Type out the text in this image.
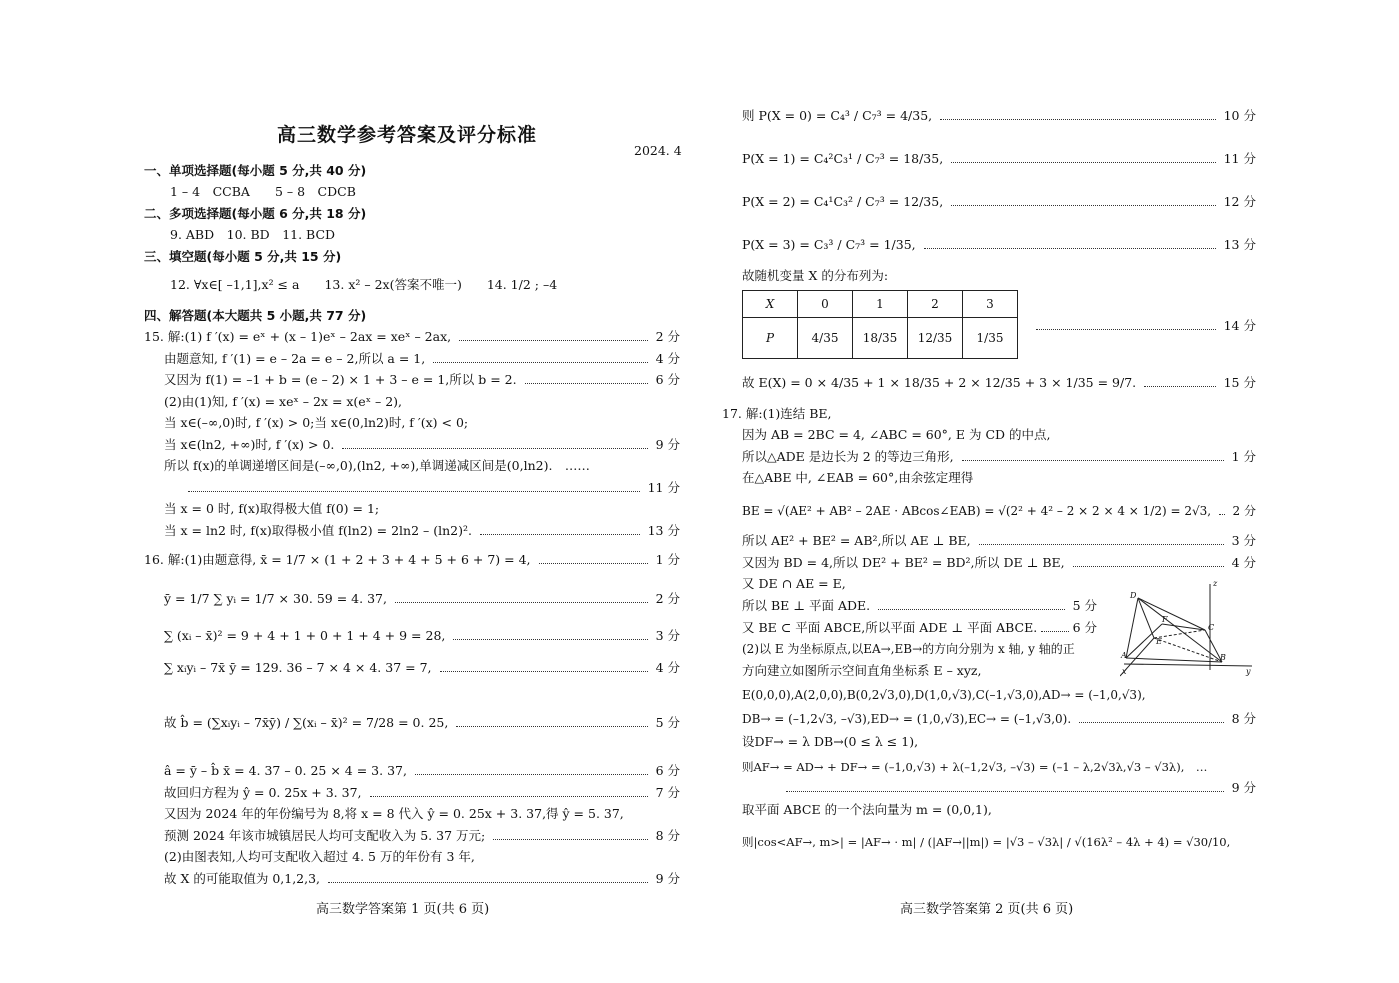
高三数学参考答案及评分标准
2024. 4
一、单项选择题(每小题 5 分,共 40 分)
1 – 4　CCBA　　5 – 8　CDCB
二、多项选择题(每小题 6 分,共 18 分)
9. ABD　10. BD　11. BCD
三、填空题(每小题 5 分,共 15 分)
12. ∀x∈[ –1,1],x² ≤ a　　13. x² – 2x(答案不唯一)　　14. 1/2 ; –4
四、解答题(本大题共 5 小题,共 77 分)
15. 解:(1) f ′(x) = eˣ + (x – 1)eˣ – 2ax = xeˣ – 2ax,	2 分
由题意知, f ′(1) = e – 2a = e – 2,所以 a = 1,	4 分
又因为 f(1) = –1 + b = (e – 2) × 1 + 3 – e = 1,所以 b = 2.	6 分
(2)由(1)知, f ′(x) = xeˣ – 2x = x(eˣ – 2),
当 x∈(–∞,0)时, f ′(x) > 0;当 x∈(0,ln2)时, f ′(x) < 0;
当 x∈(ln2, +∞)时, f ′(x) > 0.	9 分
所以 f(x)的单调递增区间是(–∞,0),(ln2, +∞),单调递减区间是(0,ln2).　……
11 分
当 x = 0 时, f(x)取得极大值 f(0) = 1;
当 x = ln2 时, f(x)取得极小值 f(ln2) = 2ln2 – (ln2)².	13 分
16. 解:(1)由题意得, x̄ = 1/7 × (1 + 2 + 3 + 4 + 5 + 6 + 7) = 4,	1 分
ȳ = 1/7 ∑ yᵢ = 1/7 × 30. 59 = 4. 37,	2 分
∑ (xᵢ – x̄)² = 9 + 4 + 1 + 0 + 1 + 4 + 9 = 28,	3 分
∑ xᵢyᵢ – 7x̄ ȳ = 129. 36 – 7 × 4 × 4. 37 = 7,	4 分
故 b̂ = (∑xᵢyᵢ – 7x̄ȳ) / ∑(xᵢ – x̄)² = 7/28 = 0. 25,	5 分
â = ȳ – b̂ x̄ = 4. 37 – 0. 25 × 4 = 3. 37,	6 分
故回归方程为 ŷ = 0. 25x + 3. 37,	7 分
又因为 2024 年的年份编号为 8,将 x = 8 代入 ŷ = 0. 25x + 3. 37,得 ŷ = 5. 37,
预测 2024 年该市城镇居民人均可支配收入为 5. 37 万元;	8 分
(2)由图表知,人均可支配收入超过 4. 5 万的年份有 3 年,
故 X 的可能取值为 0,1,2,3,	9 分
高三数学答案第 1 页(共 6 页)
则 P(X = 0) = C₄³ / C₇³ = 4/35,	10 分
P(X = 1) = C₄²C₃¹ / C₇³ = 18/35,	11 分
P(X = 2) = C₄¹C₃² / C₇³ = 12/35,	12 分
P(X = 3) = C₃³ / C₇³ = 1/35,	13 分
故随机变量 X 的分布列为:
X	0	1	2	3
P	4/35	18/35	12/35	1/35
14 分
故 E(X) = 0 × 4/35 + 1 × 18/35 + 2 × 12/35 + 3 × 1/35 = 9/7.	15 分
17. 解:(1)连结 BE,
因为 AB = 2BC = 4, ∠ABC = 60°, E 为 CD 的中点,
所以△ADE 是边长为 2 的等边三角形,	1 分
在△ABE 中, ∠EAB = 60°,由余弦定理得
BE = √(AE² + AB² – 2AE · ABcos∠EAB) = √(2² + 4² – 2 × 2 × 4 × 1/2) = 2√3, 2 分
所以 AE² + BE² = AB²,所以 AE ⊥ BE,	3 分
又因为 BD = 4,所以 DE² + BE² = BD²,所以 DE ⊥ BE,	4 分
又 DE ∩ AE = E,
所以 BE ⊥ 平面 ADE.	5 分
又 BE ⊂ 平面 ABCE,所以平面 ADE ⊥ 平面 ABCE.	6 分
(2)以 E 为坐标原点,以EA→,EB→的方向分别为 x 轴, y 轴的正
方向建立如图所示空间直角坐标系 E – xyz,
D
F
E
A	B
C
x	y
z
E(0,0,0),A(2,0,0),B(0,2√3,0),D(1,0,√3),C(–1,√3,0),AD→ = (–1,0,√3),
DB→ = (–1,2√3, –√3),ED→ = (1,0,√3),EC→ = (–1,√3,0).	8 分
设DF→ = λ DB→(0 ≤ λ ≤ 1),
则AF→ = AD→ + DF→ = (–1,0,√3) + λ(–1,2√3, –√3) = (–1 – λ,2√3λ,√3 – √3λ),　…
9 分
取平面 ABCE 的一个法向量为 m = (0,0,1),
则|cos<AF→, m>| = |AF→ · m| / (|AF→||m|) = |√3 – √3λ| / √(16λ² – 4λ + 4) = √30/10,
高三数学答案第 2 页(共 6 页)
